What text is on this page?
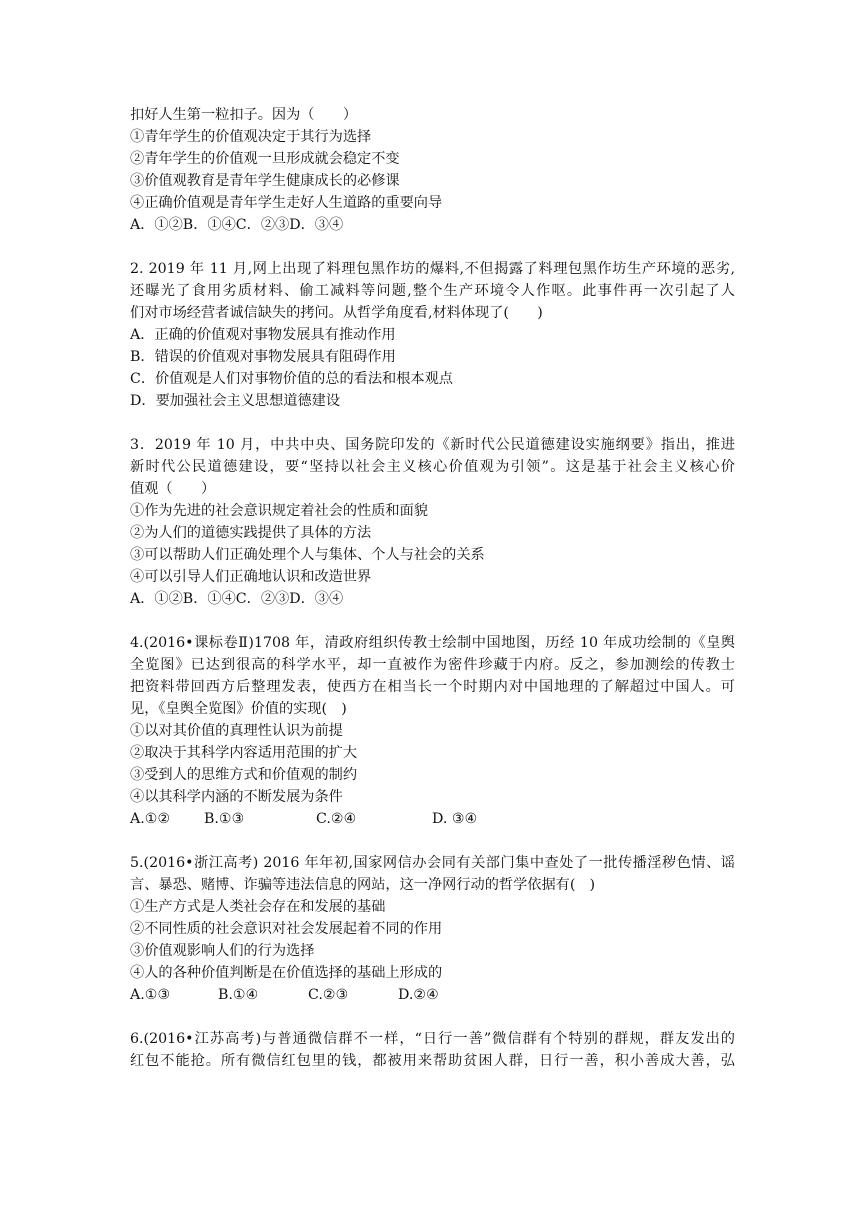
扣好人生第一粒扣子。因为（　　）
①青年学生的价值观决定于其行为选择
②青年学生的价值观一旦形成就会稳定不变
③价值观教育是青年学生健康成长的必修课
④正确价值观是青年学生走好人生道路的重要向导
A．①②B．①④C．②③D．③④
2. 2019 年 11 月,网上出现了料理包黑作坊的爆料,不但揭露了料理包黑作坊生产环境的恶劣,
还曝光了食用劣质材料、偷工减料等问题,整个生产环境令人作呕。此事件再一次引起了人
们对市场经营者诚信缺失的拷问。从哲学角度看,材料体现了(　　)
A．正确的价值观对事物发展具有推动作用
B．错误的价值观对事物发展具有阻碍作用
C．价值观是人们对事物价值的总的看法和根本观点
D．要加强社会主义思想道德建设
3．2019 年 10 月，中共中央、国务院印发的《新时代公民道德建设实施纲要》指出，推进
新时代公民道德建设，要“坚持以社会主义核心价值观为引领”。这是基于社会主义核心价
值观（　　）
①作为先进的社会意识规定着社会的性质和面貌
②为人们的道德实践提供了具体的方法
③可以帮助人们正确处理个人与集体、个人与社会的关系
④可以引导人们正确地认识和改造世界
A．①②B．①④C．②③D．③④
4.(2016•课标卷Ⅱ)1708 年，清政府组织传教士绘制中国地图，历经 10 年成功绘制的《皇舆
全览图》已达到很高的科学水平，却一直被作为密件珍藏于内府。反之，参加测绘的传教士
把资料带回西方后整理发表，使西方在相当长一个时期内对中国地理的了解超过中国人。可
见，《皇舆全览图》价值的实现(　)
①以对其价值的真理性认识为前提
②取决于其科学内容适用范围的扩大
③受到人的思维方式和价值观的制约
④以其科学内涵的不断发展为条件
A.①② B.①③	C.②④	D. ③④
5.(2016•浙江高考) 2016 年年初,国家网信办会同有关部门集中查处了一批传播淫秽色情、谣
言、暴恐、赌博、诈骗等违法信息的网站，这一净网行动的哲学依据有(　)
①生产方式是人类社会存在和发展的基础
②不同性质的社会意识对社会发展起着不同的作用
③价值观影响人们的行为选择
④人的各种价值判断是在价值选择的基础上形成的
A.①③	B.①④	C.②③	D.②④
6.(2016•江苏高考)与普通微信群不一样，“日行一善”微信群有个特别的群规，群友发出的
红包不能抢。所有微信红包里的钱，都被用来帮助贫困人群，日行一善，积小善成大善，弘
